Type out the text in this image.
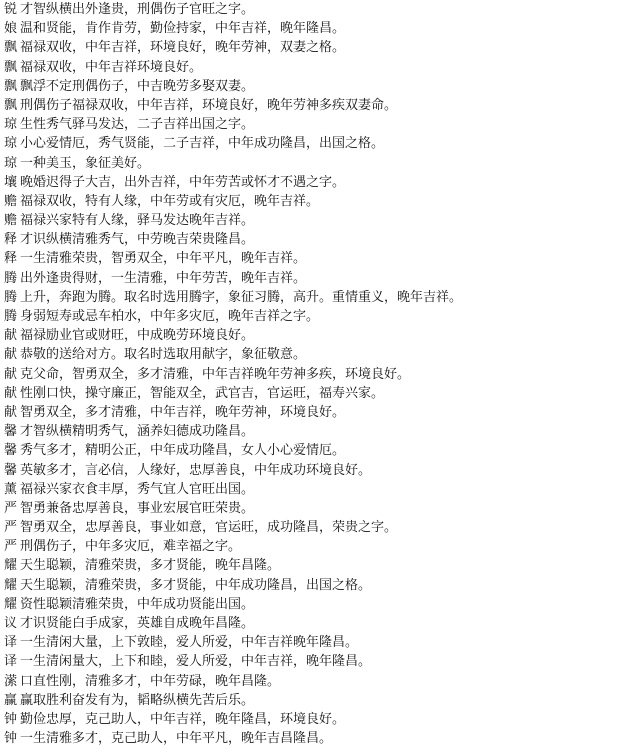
锐 才智纵横出外逢贵，刑偶伤子官旺之字。
娘 温和贤能，肯作肯劳，勤俭持家，中年吉祥，晚年隆昌。
飘 福禄双收，中年吉祥，环境良好，晚年劳神，双妻之格。
飘 福禄双收，中年吉祥环境良好。
飘 飘浮不定刑偶伤子，中吉晚劳多娶双妻。
飘 刑偶伤子福禄双收，中年吉祥，环境良好，晚年劳神多疾双妻命。
琼 生性秀气驿马发达，二子吉祥出国之字。
琼 小心爱情厄，秀气贤能，二子吉祥，中年成功隆昌，出国之格。
琼 一种美玉，象征美好。
壤 晚婚迟得子大吉，出外吉祥，中年劳苦或怀才不遇之字。
赡 福禄双收，特有人缘，中年劳或有灾厄，晚年吉祥。
赡 福禄兴家特有人缘，驿马发达晚年吉祥。
释 才识纵横清雅秀气，中劳晚吉荣贵隆昌。
释 一生清雅荣贵，智勇双全，中年平凡，晚年吉祥。
腾 出外逢贵得财，一生清雅，中年劳苦，晚年吉祥。
腾 上升，奔跑为腾。取名时选用腾字，象征习腾，高升。重情重义，晚年吉祥。
腾 身弱短寿或忌车柏水，中年多灾厄，晚年吉祥之字。
献 福禄励业官或财旺，中成晚劳环境良好。
献 恭敬的送给对方。取名时选取用献字，象征敬意。
献 克父命，智勇双全，多才清雅，中年吉祥晚年劳神多疾，环境良好。
献 性刚口快，操守廉正，智能双全，武官吉，官运旺，福寿兴家。
献 智勇双全，多才清雅，中年吉祥，晚年劳神，环境良好。
馨 才智纵横精明秀气，涵养妇德成功隆昌。
馨 秀气多才，精明公正，中年成功隆昌，女人小心爱情厄。
馨 英敏多才，言必信，人缘好，忠厚善良，中年成功环境良好。
薰 福禄兴家衣食丰厚，秀气宜人官旺出国。
严 智勇兼备忠厚善良，事业宏展官旺荣贵。
严 智勇双全，忠厚善良，事业如意，官运旺，成功隆昌，荣贵之字。
严 刑偶伤子，中年多灾厄，难幸福之字。
耀 天生聪颖，清雅荣贵，多才贤能，晚年昌隆。
耀 天生聪颖，清雅荣贵，多才贤能，中年成功隆昌，出国之格。
耀 资性聪颖清雅荣贵，中年成功贤能出国。
议 才识贤能白手成家，英雄自成晚年昌隆。
译 一生清闲大量，上下敦睦，爱人所爱，中年吉祥晚年隆昌。
译 一生清闲量大，上下和睦，爱人所爱，中年吉祥，晚年隆昌。
潆 口直性刚，清雅多才，中年劳碌，晚年昌隆。
赢 赢取胜利奋发有为，韬略纵横先苦后乐。
钟 勤俭忠厚，克己助人，中年吉祥，晚年隆昌，环境良好。
钟 一生清雅多才，克己助人，中年平凡，晚年吉昌隆昌。
